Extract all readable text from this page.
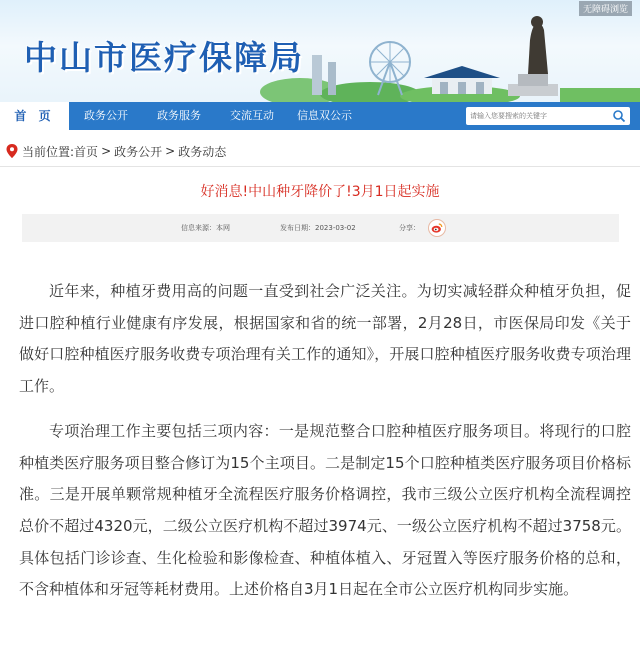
中山市医疗保障局
无障碍浏览
首 页	政务公开	政务服务	交流互动 信息双公示
请输入您要搜索的关键字
当前位置: 首页 > 政务公开 > 政务动态
好消息!中山种牙降价了!3月1日起实施
信息来源：本网	发布日期：2023-03-02	分享：

近年来，种植牙费用高的问题一直受到社会广泛关注。为切实减轻群众种植牙负担，促进口腔种植行业健康有序发展，根据国家和省的统一部署，2月28日，市医保局印发《关于做好口腔种植医疗服务收费专项治理有关工作的通知》，开展口腔种植医疗服务收费专项治理工作。

专项治理工作主要包括三项内容：一是规范整合口腔种植医疗服务项目。将现行的口腔种植类医疗服务项目整合修订为15个主项目。二是制定15个口腔种植类医疗服务项目价格标准。三是开展单颗常规种植牙全流程医疗服务价格调控，我市三级公立医疗机构全流程调控总价不超过4320元，二级公立医疗机构不超过3974元、一级公立医疗机构不超过3758元。具体包括门诊诊查、生化检验和影像检查、种植体植入、牙冠置入等医疗服务价格的总和，不含种植体和牙冠等耗材费用。上述价格自3月1日起在全市公立医疗机构同步实施。
